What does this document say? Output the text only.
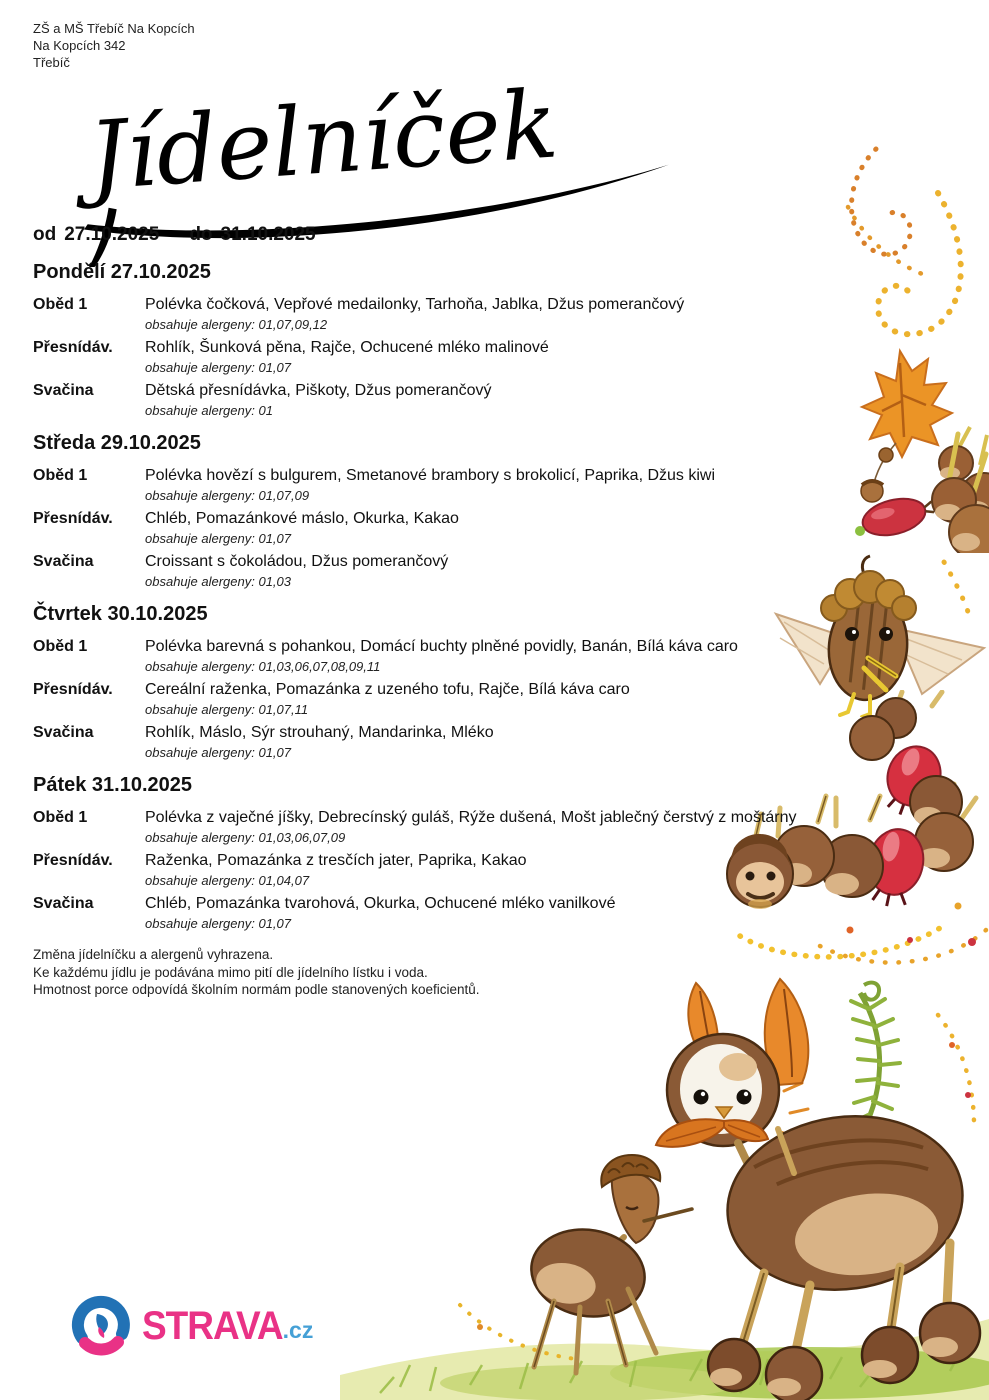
ZŠ a MŠ Třebíč Na Kopcích
Na Kopcích 342
Třebíč
Jídelníček
od 27.10.2025 do 31.10.2025
Pondělí 27.10.2025
Oběd 1	Polévka čočková, Vepřové medailonky, Tarhoňa, Jablka, Džus pomerančový
obsahuje alergeny: 01,07,09,12
Přesnídáv.	Rohlík, Šunková pěna, Rajče, Ochucené mléko malinové
obsahuje alergeny: 01,07
Svačina	Dětská přesnídávka, Piškoty, Džus pomerančový
obsahuje alergeny: 01
Středa 29.10.2025
Oběd 1	Polévka hovězí s bulgurem, Smetanové brambory s brokolicí, Paprika, Džus kiwi
obsahuje alergeny: 01,07,09
Přesnídáv.	Chléb, Pomazánkové máslo, Okurka, Kakao
obsahuje alergeny: 01,07
Svačina	Croissant s čokoládou, Džus pomerančový
obsahuje alergeny: 01,03
Čtvrtek 30.10.2025
Oběd 1	Polévka barevná s pohankou, Domácí buchty plněné povidly, Banán, Bílá káva caro
obsahuje alergeny: 01,03,06,07,08,09,11
Přesnídáv.	Cereální raženka, Pomazánka z uzeného tofu, Rajče, Bílá káva caro
obsahuje alergeny: 01,07,11
Svačina	Rohlík, Máslo, Sýr strouhaný, Mandarinka, Mléko
obsahuje alergeny: 01,07
Pátek 31.10.2025
Oběd 1	Polévka z vaječné jíšky, Debrecínský guláš, Rýže dušená, Mošt jablečný čerstvý z moštárny
obsahuje alergeny: 01,03,06,07,09
Přesnídáv.	Raženka, Pomazánka z tresčích jater, Paprika, Kakao
obsahuje alergeny: 01,04,07
Svačina	Chléb, Pomazánka tvarohová, Okurka, Ochucené mléko vanilkové
obsahuje alergeny: 01,07
Změna jídelníčku a alergenů vyhrazena.
Ke každému jídlu je podávána mimo pití dle jídelního lístku i voda.
Hmotnost porce odpovídá školním normám podle stanovených koeficientů.
STRAVA.cz
